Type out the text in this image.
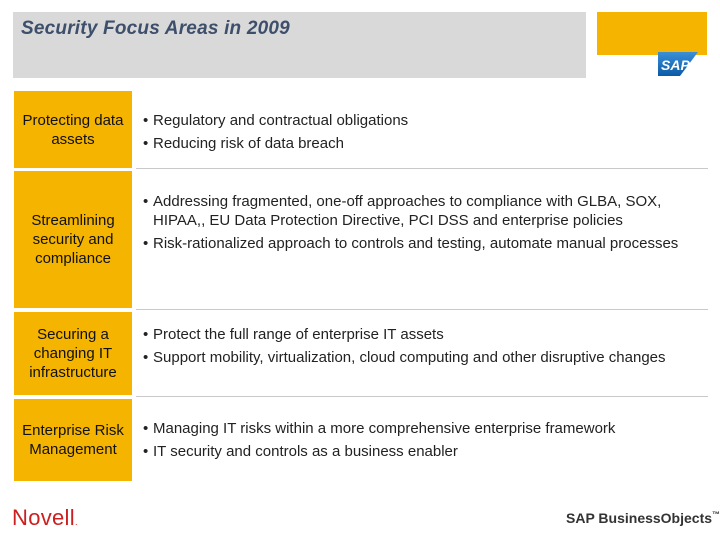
Security Focus Areas in 2009
SAP
Protecting data assets

• Regulatory and contractual obligations

• Reducing risk of data breach

Streamlining security and compliance

• Addressing fragmented, one-off approaches to compliance with GLBA, SOX, HIPAA,, EU Data Protection Directive, PCI DSS and enterprise policies

• Risk-rationalized approach to controls and testing, automate manual processes

Securing a changing IT infrastructure

• Protect the full range of enterprise IT assets

• Support mobility, virtualization, cloud computing and other disruptive changes

Enterprise Risk Management

• Managing IT risks within a more comprehensive enterprise framework

• IT security and controls as a business enabler

Novell.	SAP BusinessObjects™
